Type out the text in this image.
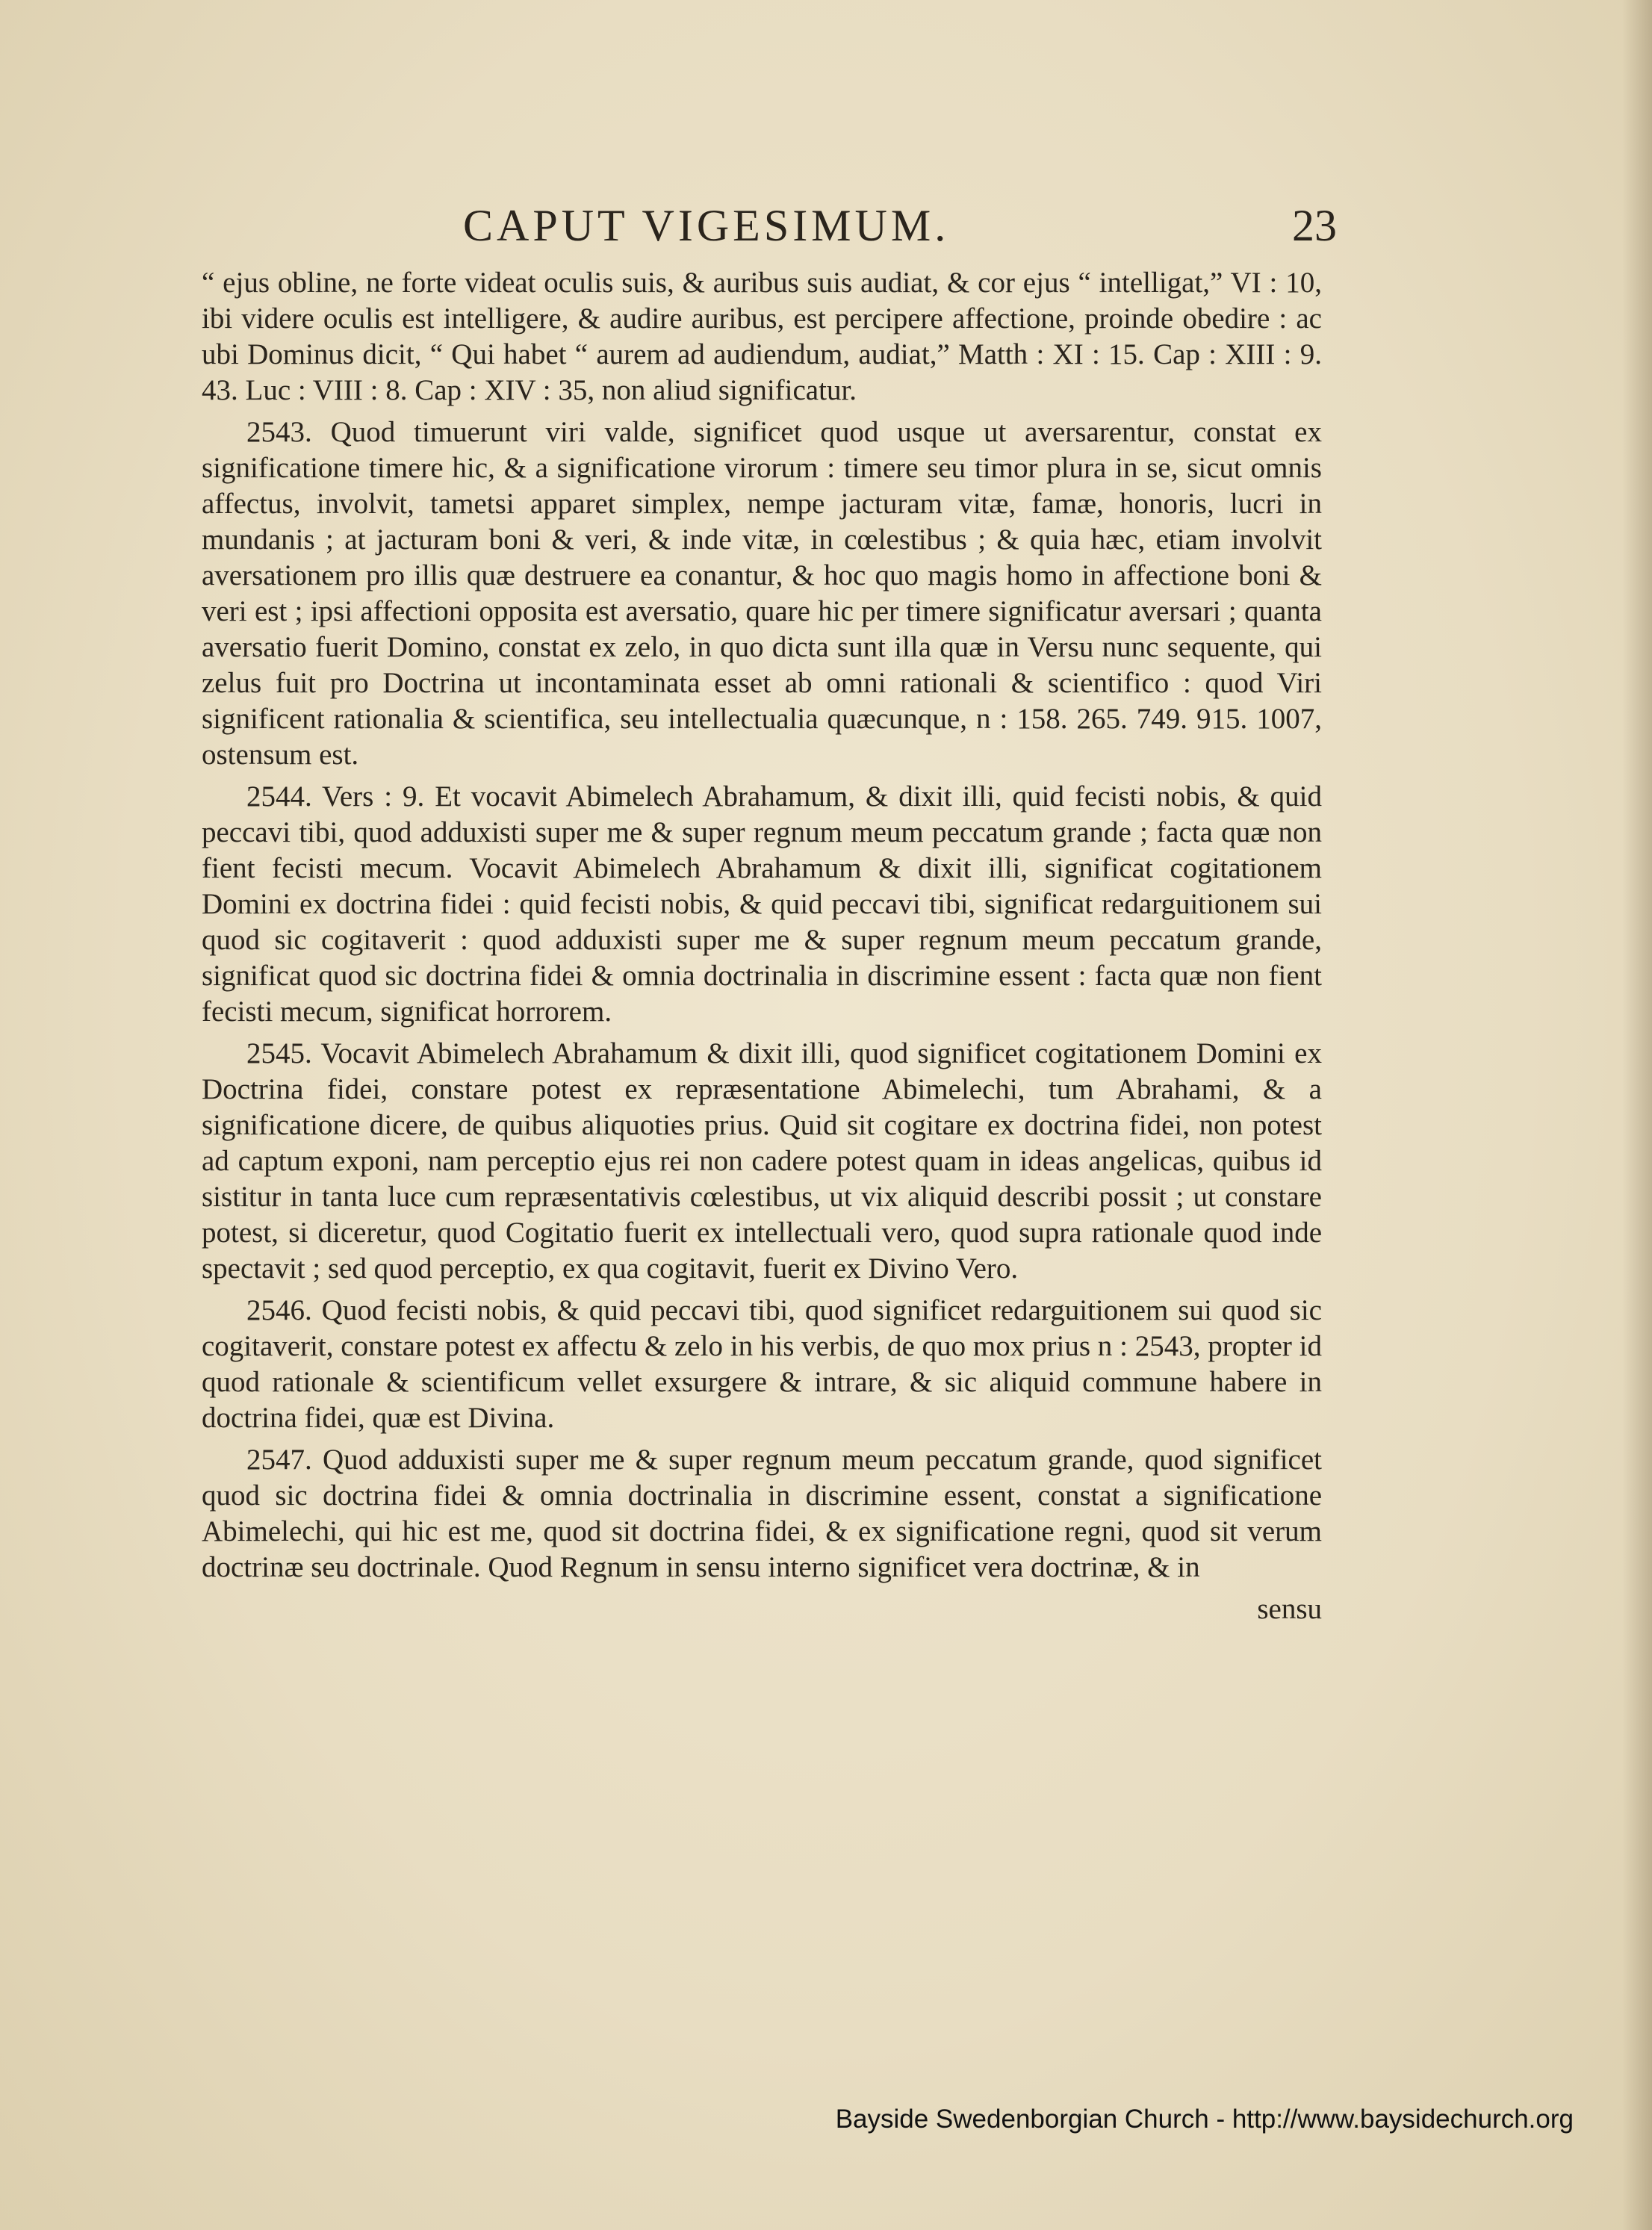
CAPUT VIGESIMUM.	23

“ ejus obline, ne forte videat oculis suis, & auribus suis audiat, & cor ejus “ intelligat,” VI : 10, ibi videre oculis est intelligere, & audire auribus, est percipere affectione, proinde obedire : ac ubi Dominus dicit, “ Qui habet “ aurem ad audiendum, audiat,” Matth : XI : 15. Cap : XIII : 9. 43. Luc : VIII : 8. Cap : XIV : 35, non aliud significatur.

2543. Quod timuerunt viri valde, significet quod usque ut aversarentur, constat ex significatione timere hic, & a significatione virorum : timere seu timor plura in se, sicut omnis affectus, involvit, tametsi apparet simplex, nempe jacturam vitæ, famæ, honoris, lucri in mundanis ; at jacturam boni & veri, & inde vitæ, in cœlestibus ; & quia hæc, etiam involvit aversationem pro illis quæ destruere ea conantur, & hoc quo magis homo in affectione boni & veri est ; ipsi affectioni opposita est aversatio, quare hic per timere significatur aversari ; quanta aversatio fuerit Domino, constat ex zelo, in quo dicta sunt illa quæ in Versu nunc sequente, qui zelus fuit pro Doctrina ut incontaminata esset ab omni rationali & scientifico : quod Viri significent rationalia & scientifica, seu intellectualia quæcunque, n : 158. 265. 749. 915. 1007, ostensum est.

2544. Vers : 9. Et vocavit Abimelech Abrahamum, & dixit illi, quid fecisti nobis, & quid peccavi tibi, quod adduxisti super me & super regnum meum peccatum grande ; facta quæ non fient fecisti mecum. Vocavit Abimelech Abrahamum & dixit illi, significat cogitationem Domini ex doctrina fidei : quid fecisti nobis, & quid peccavi tibi, significat redarguitionem sui quod sic cogitaverit : quod adduxisti super me & super regnum meum peccatum grande, significat quod sic doctrina fidei & omnia doctrinalia in discrimine essent : facta quæ non fient fecisti mecum, significat horrorem.

2545. Vocavit Abimelech Abrahamum & dixit illi, quod significet cogitationem Domini ex Doctrina fidei, constare potest ex repræsentatione Abimelechi, tum Abrahami, & a significatione dicere, de quibus aliquoties prius. Quid sit cogitare ex doctrina fidei, non potest ad captum exponi, nam perceptio ejus rei non cadere potest quam in ideas angelicas, quibus id sistitur in tanta luce cum repræsentativis cœlestibus, ut vix aliquid describi possit ; ut constare potest, si diceretur, quod Cogitatio fuerit ex intellectuali vero, quod supra rationale quod inde spectavit ; sed quod perceptio, ex qua cogitavit, fuerit ex Divino Vero.

2546. Quod fecisti nobis, & quid peccavi tibi, quod significet redarguitionem sui quod sic cogitaverit, constare potest ex affectu & zelo in his verbis, de quo mox prius n : 2543, propter id quod rationale & scientificum vellet exsurgere & intrare, & sic aliquid commune habere in doctrina fidei, quæ est Divina.

2547. Quod adduxisti super me & super regnum meum peccatum grande, quod significet quod sic doctrina fidei & omnia doctrinalia in discrimine essent, constat a significatione Abimelechi, qui hic est me, quod sit doctrina fidei, & ex significatione regni, quod sit verum doctrinæ seu doctrinale. Quod Regnum in sensu interno significet vera doctrinæ, & in

sensu
Bayside Swedenborgian Church - http://www.baysidechurch.org
